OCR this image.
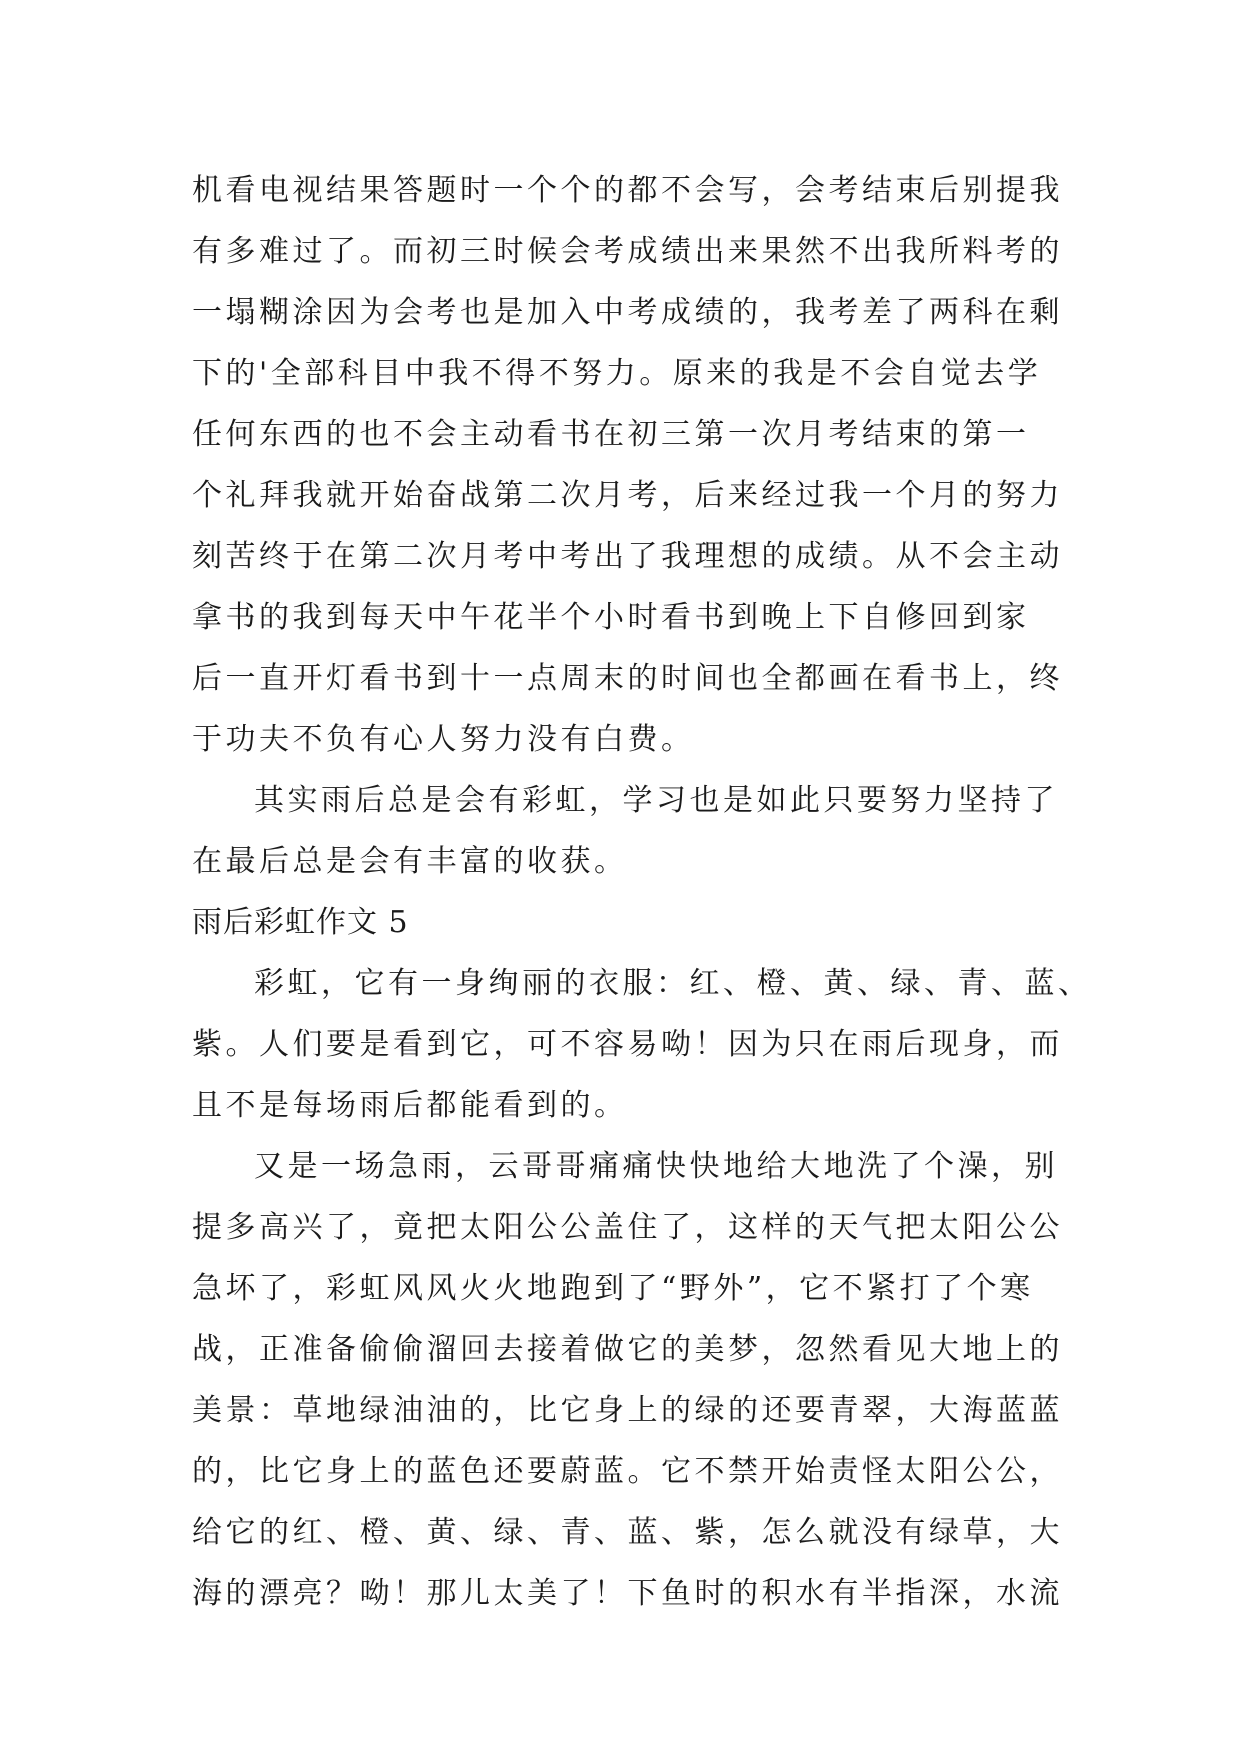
机看电视结果答题时一个个的都不会写，会考结束后别提我
有多难过了。而初三时候会考成绩出来果然不出我所料考的
一塌糊涂因为会考也是加入中考成绩的，我考差了两科在剩
下的'全部科目中我不得不努力。原来的我是不会自觉去学
任何东西的也不会主动看书在初三第一次月考结束的第一
个礼拜我就开始奋战第二次月考，后来经过我一个月的努力
刻苦终于在第二次月考中考出了我理想的成绩。从不会主动
拿书的我到每天中午花半个小时看书到晚上下自修回到家
后一直开灯看书到十一点周末的时间也全都画在看书上，终
于功夫不负有心人努力没有白费。
其实雨后总是会有彩虹，学习也是如此只要努力坚持了
在最后总是会有丰富的收获。
雨后彩虹作文 5
彩虹，它有一身绚丽的衣服：红、橙、黄、绿、青、蓝、
紫。人们要是看到它，可不容易呦！因为只在雨后现身，而
且不是每场雨后都能看到的。
又是一场急雨，云哥哥痛痛快快地给大地洗了个澡，别
提多高兴了，竟把太阳公公盖住了，这样的天气把太阳公公
急坏了，彩虹风风火火地跑到了“野外”，它不紧打了个寒
战，正准备偷偷溜回去接着做它的美梦，忽然看见大地上的
美景：草地绿油油的，比它身上的绿的还要青翠，大海蓝蓝
的，比它身上的蓝色还要蔚蓝。它不禁开始责怪太阳公公，
给它的红、橙、黄、绿、青、蓝、紫，怎么就没有绿草，大
海的漂亮？呦！那儿太美了！下鱼时的积水有半指深，水流
